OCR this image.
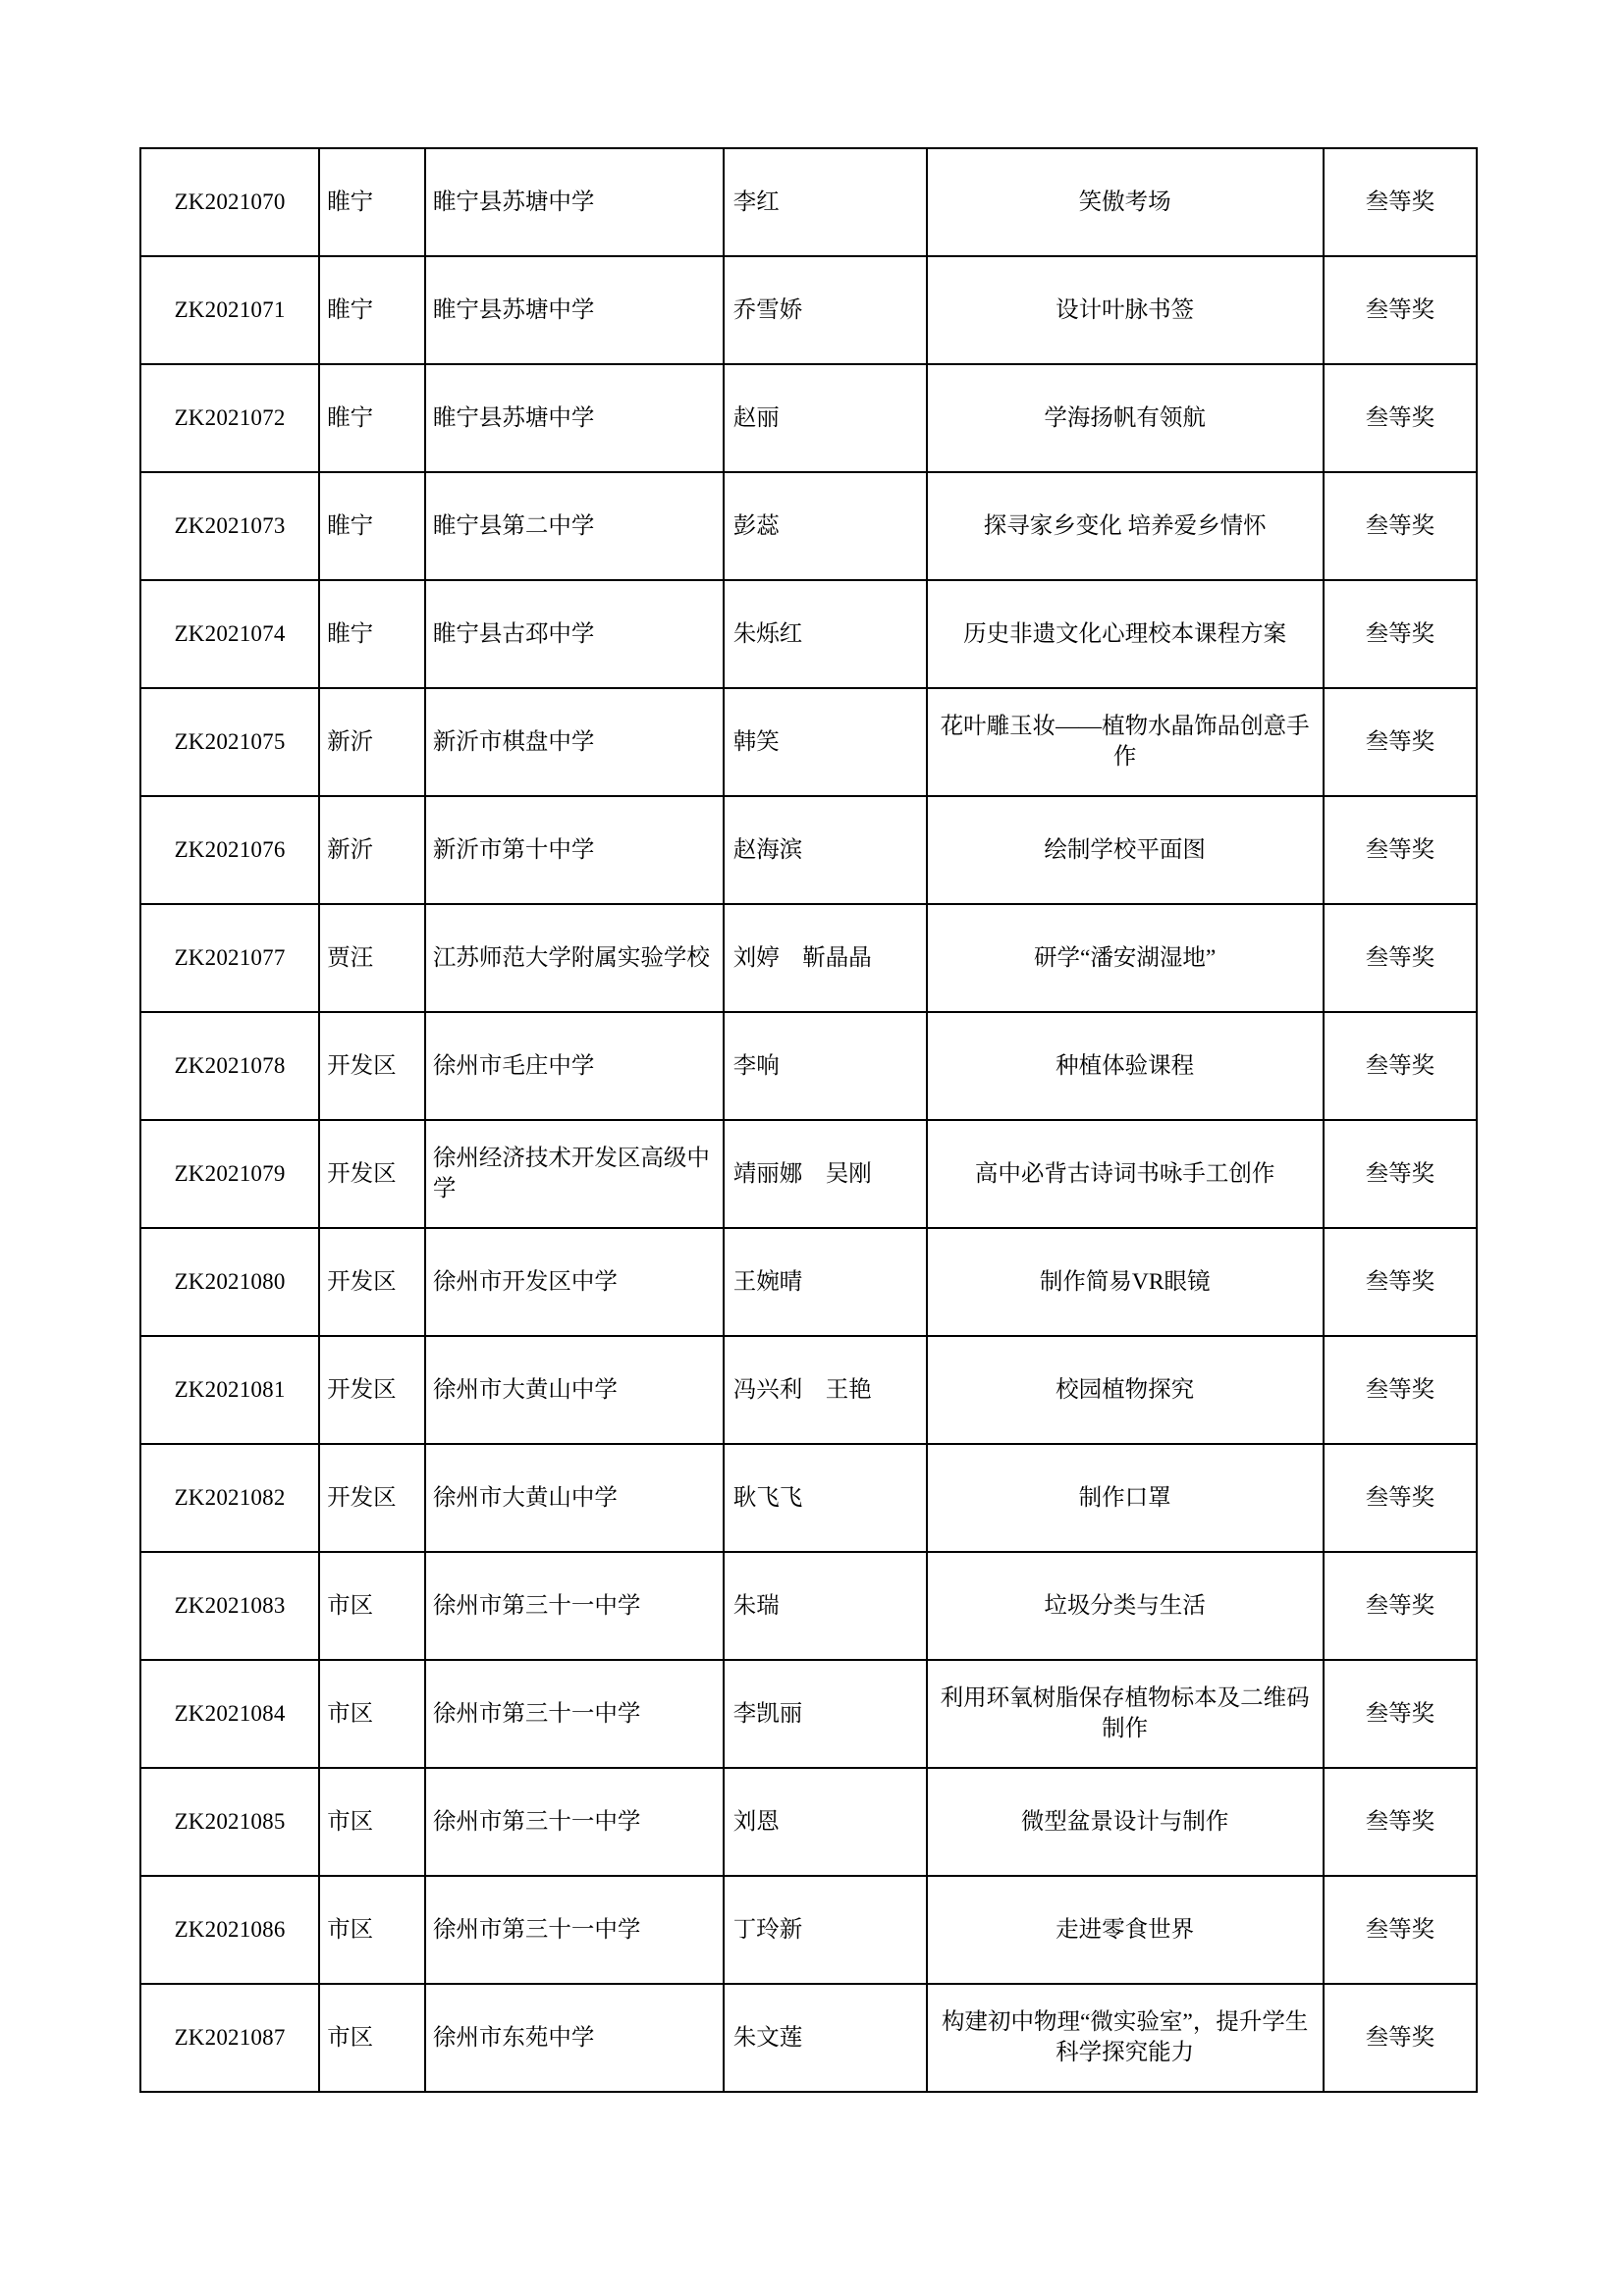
ZK2021070	睢宁	睢宁县苏塘中学	李红	笑傲考场	叁等奖
ZK2021071	睢宁	睢宁县苏塘中学	乔雪娇	设计叶脉书签	叁等奖
ZK2021072	睢宁	睢宁县苏塘中学	赵丽	学海扬帆有领航	叁等奖
ZK2021073	睢宁	睢宁县第二中学	彭蕊	探寻家乡变化 培养爱乡情怀	叁等奖
ZK2021074	睢宁	睢宁县古邳中学	朱烁红	历史非遗文化心理校本课程方案	叁等奖
ZK2021075	新沂	新沂市棋盘中学	韩笑	花叶雕玉妆——植物水晶饰品创意手作	叁等奖
ZK2021076	新沂	新沂市第十中学	赵海滨	绘制学校平面图	叁等奖
ZK2021077	贾汪	江苏师范大学附属实验学校	刘婷　靳晶晶	研学“潘安湖湿地”	叁等奖
ZK2021078	开发区	徐州市毛庄中学	李响	种植体验课程	叁等奖
ZK2021079	开发区	徐州经济技术开发区高级中学	靖丽娜　吴刚	高中必背古诗词书咏手工创作	叁等奖
ZK2021080	开发区	徐州市开发区中学	王婉晴	制作简易VR眼镜	叁等奖
ZK2021081	开发区	徐州市大黄山中学	冯兴利　王艳	校园植物探究	叁等奖
ZK2021082	开发区	徐州市大黄山中学	耿飞飞	制作口罩	叁等奖
ZK2021083	市区	徐州市第三十一中学	朱瑞	垃圾分类与生活	叁等奖
ZK2021084	市区	徐州市第三十一中学	李凯丽	利用环氧树脂保存植物标本及二维码制作	叁等奖
ZK2021085	市区	徐州市第三十一中学	刘恩	微型盆景设计与制作	叁等奖
ZK2021086	市区	徐州市第三十一中学	丁玲新	走进零食世界	叁等奖
ZK2021087	市区	徐州市东苑中学	朱文莲	构建初中物理“微实验室”，提升学生科学探究能力	叁等奖
